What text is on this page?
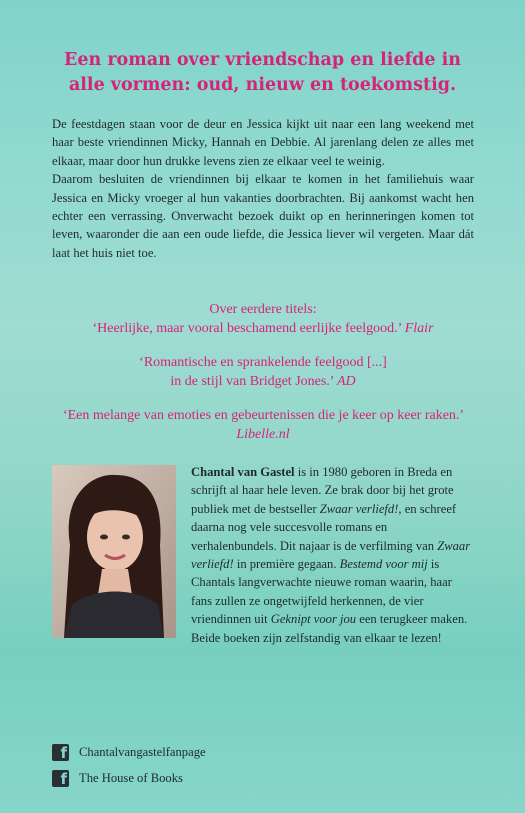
Een roman over vriendschap en liefde in alle vormen: oud, nieuw en toekomstig.

De feestdagen staan voor de deur en Jessica kijkt uit naar een lang weekend met haar beste vriendinnen Micky, Hannah en Debbie. Al jarenlang delen ze alles met elkaar, maar door hun drukke levens zien ze elkaar veel te weinig.

Daarom besluiten de vriendinnen bij elkaar te komen in het familiehuis waar Jessica en Micky vroeger al hun vakanties doorbrachten. Bij aankomst wacht hen echter een verrassing. Onverwacht bezoek duikt op en herinneringen komen tot leven, waaronder die aan een oude liefde, die Jessica liever wil vergeten. Maar dát laat het huis niet toe.

Over eerdere titels:
‘Heerlijke, maar vooral beschamend eerlijke feelgood.’ Flair
‘Romantische en sprankelende feelgood [...]
in de stijl van Bridget Jones.’ AD
‘Een melange van emoties en gebeurtenissen die je keer op keer raken.’ Libelle.nl
Chantal van Gastel is in 1980 geboren in Breda en schrijft al haar hele leven. Ze brak door bij het grote publiek met de bestseller Zwaar verliefd!, en schreef daarna nog vele succesvolle romans en verhalenbundels. Dit najaar is de verfilming van Zwaar verliefd! in première gegaan. Bestemd voor mij is Chantals langverwachte nieuwe roman waarin, haar fans zullen ze ongetwijfeld herkennen, de vier vriendinnen uit Geknipt voor jou een terugkeer maken. Beide boeken zijn zelfstandig van elkaar te lezen!
f Chantalvangastelfanpage
f The House of Books
